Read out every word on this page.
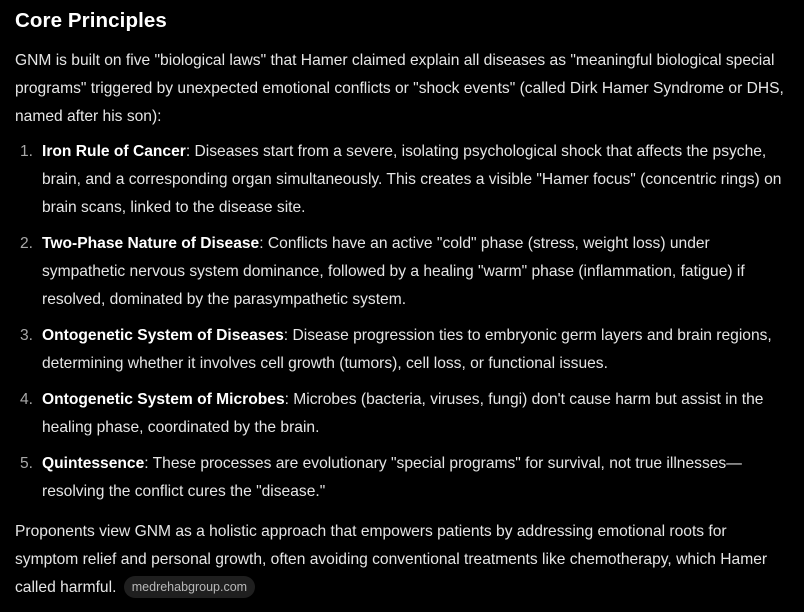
Core Principles

GNM is built on five "biological laws" that Hamer claimed explain all diseases as "meaningful biological special programs" triggered by unexpected emotional conflicts or "shock events" (called Dirk Hamer Syndrome or DHS, named after his son):

1. Iron Rule of Cancer: Diseases start from a severe, isolating psychological shock that affects the psyche, brain, and a corresponding organ simultaneously. This creates a visible "Hamer focus" (concentric rings) on brain scans, linked to the disease site.
2. Two-Phase Nature of Disease: Conflicts have an active "cold" phase (stress, weight loss) under sympathetic nervous system dominance, followed by a healing "warm" phase (inflammation, fatigue) if resolved, dominated by the parasympathetic system.
3. Ontogenetic System of Diseases: Disease progression ties to embryonic germ layers and brain regions, determining whether it involves cell growth (tumors), cell loss, or functional issues.
4. Ontogenetic System of Microbes: Microbes (bacteria, viruses, fungi) don't cause harm but assist in the healing phase, coordinated by the brain.
5. Quintessence: These processes are evolutionary "special programs" for survival, not true illnesses—resolving the conflict cures the "disease."

Proponents view GNM as a holistic approach that empowers patients by addressing emotional roots for symptom relief and personal growth, often avoiding conventional treatments like chemotherapy, which Hamer called harmful. medrehabgroup.com
